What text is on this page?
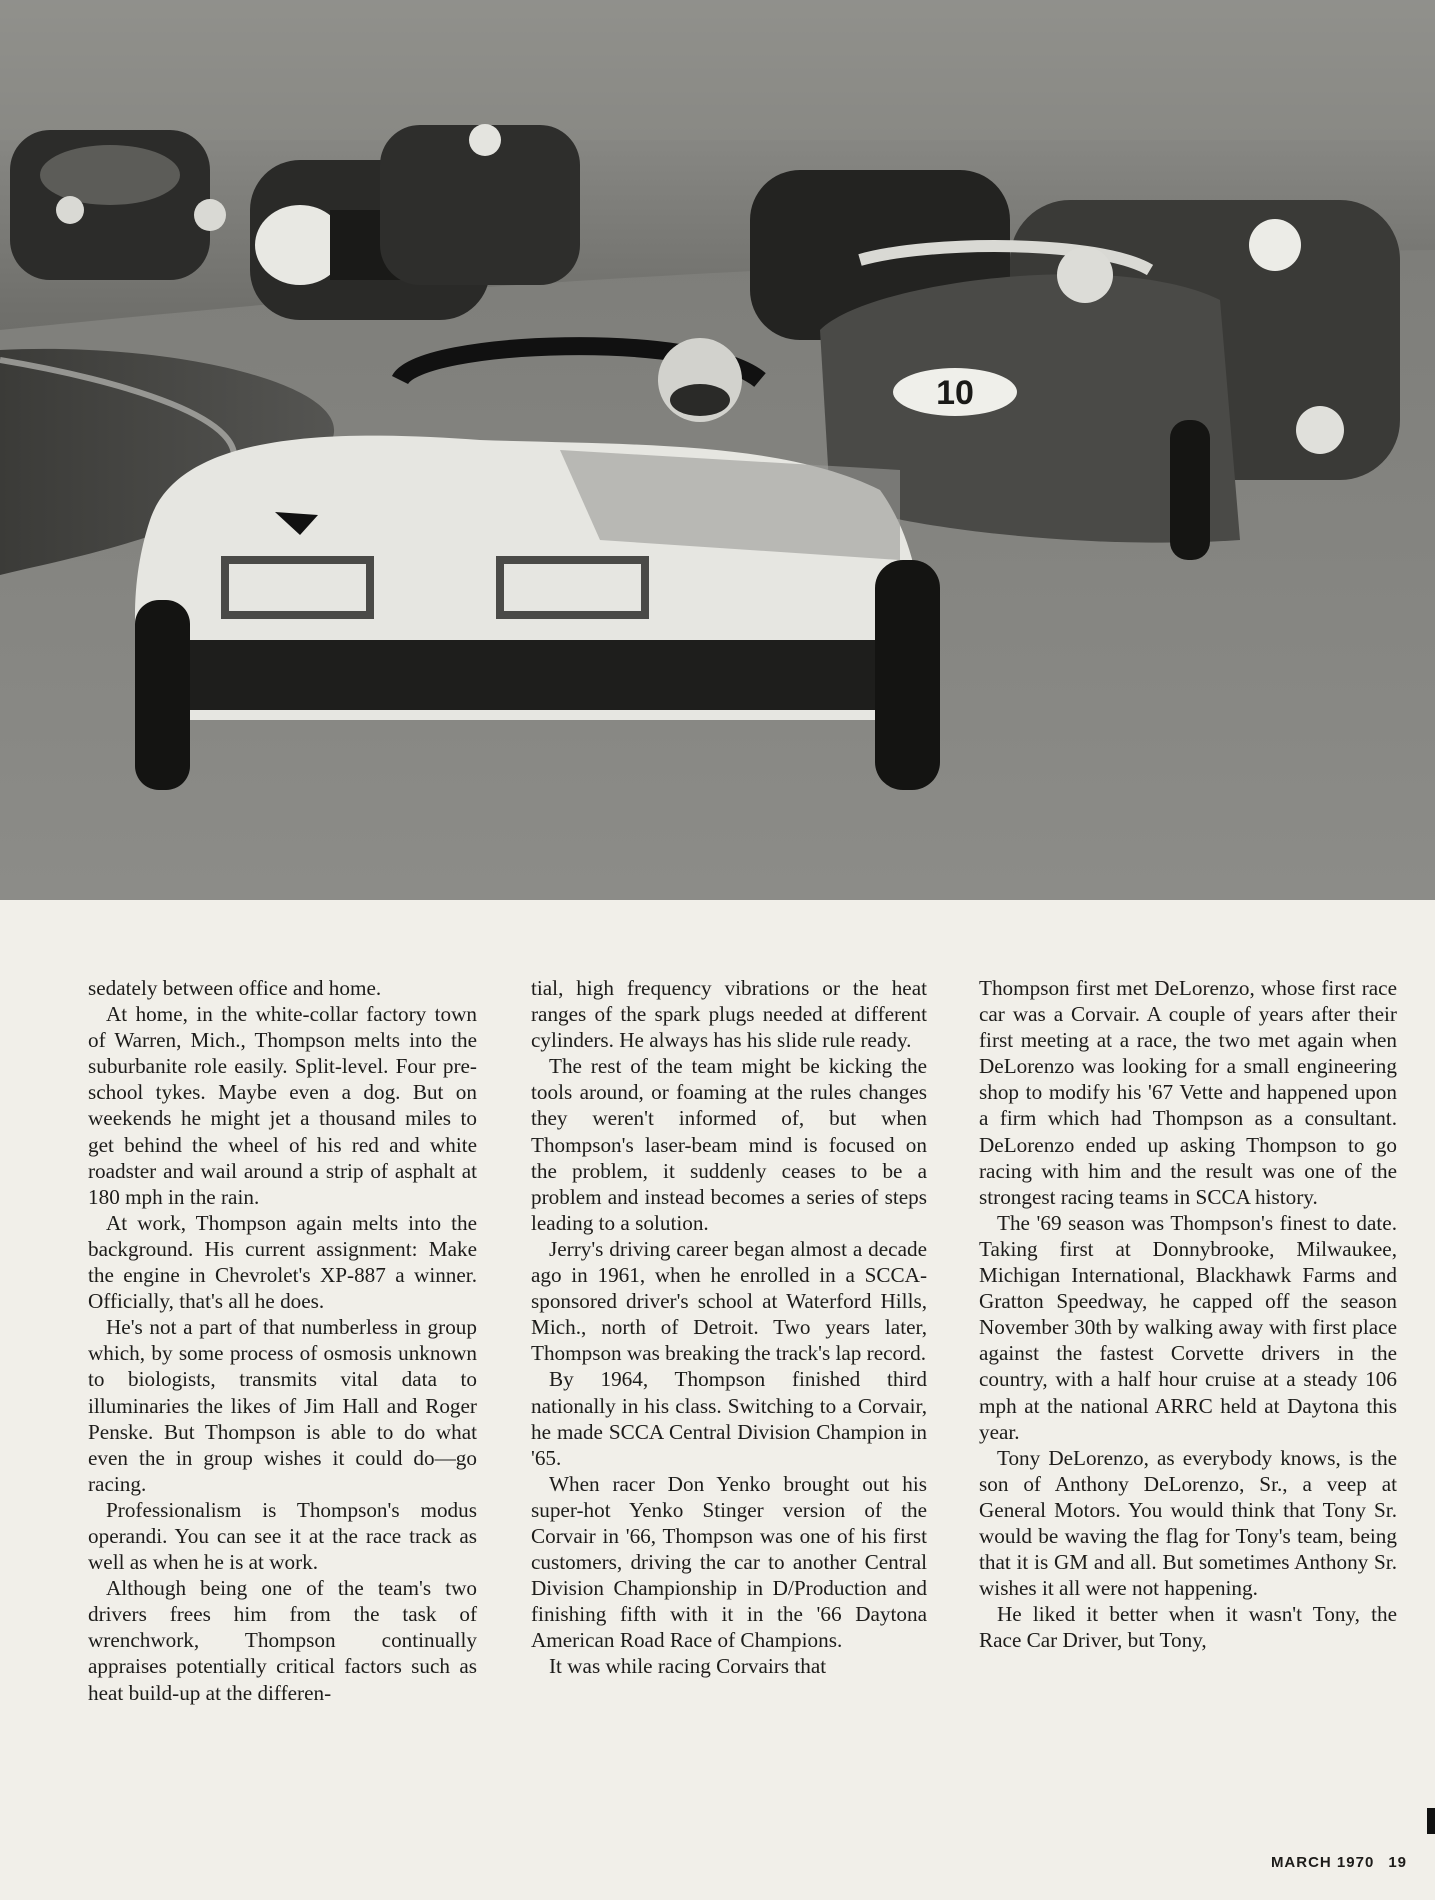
10
1

sedately between office and home.

At home, in the white-collar factory town of Warren, Mich., Thompson melts into the suburbanite role easily. Split-level. Four pre-school tykes. Maybe even a dog. But on weekends he might jet a thousand miles to get behind the wheel of his red and white roadster and wail around a strip of asphalt at 180 mph in the rain.

At work, Thompson again melts into the background. His current assignment: Make the engine in Chevrolet's XP-887 a winner. Officially, that's all he does.

He's not a part of that numberless in group which, by some process of osmosis unknown to biologists, transmits vital data to illuminaries the likes of Jim Hall and Roger Penske. But Thompson is able to do what even the in group wishes it could do—go racing.

Professionalism is Thompson's modus operandi. You can see it at the race track as well as when he is at work.

Although being one of the team's two drivers frees him from the task of wrenchwork, Thompson continually appraises potentially critical factors such as heat build-up at the differen-

tial, high frequency vibrations or the heat ranges of the spark plugs needed at different cylinders. He always has his slide rule ready.

The rest of the team might be kicking the tools around, or foaming at the rules changes they weren't informed of, but when Thompson's laser-beam mind is focused on the problem, it suddenly ceases to be a problem and instead becomes a series of steps leading to a solution.

Jerry's driving career began almost a decade ago in 1961, when he enrolled in a SCCA-sponsored driver's school at Waterford Hills, Mich., north of Detroit. Two years later, Thompson was breaking the track's lap record.

By 1964, Thompson finished third nationally in his class. Switching to a Corvair, he made SCCA Central Division Champion in '65.

When racer Don Yenko brought out his super-hot Yenko Stinger version of the Corvair in '66, Thompson was one of his first customers, driving the car to another Central Division Championship in D/Production and finishing fifth with it in the '66 Daytona American Road Race of Champions.

It was while racing Corvairs that

Thompson first met DeLorenzo, whose first race car was a Corvair. A couple of years after their first meeting at a race, the two met again when DeLorenzo was looking for a small engineering shop to modify his '67 Vette and happened upon a firm which had Thompson as a consultant. DeLorenzo ended up asking Thompson to go racing with him and the result was one of the strongest racing teams in SCCA history.

The '69 season was Thompson's finest to date. Taking first at Donnybrooke, Milwaukee, Michigan International, Blackhawk Farms and Gratton Speedway, he capped off the season November 30th by walking away with first place against the fastest Corvette drivers in the country, with a half hour cruise at a steady 106 mph at the national ARRC held at Daytona this year.

Tony DeLorenzo, as everybody knows, is the son of Anthony DeLorenzo, Sr., a veep at General Motors. You would think that Tony Sr. would be waving the flag for Tony's team, being that it is GM and all. But sometimes Anthony Sr. wishes it all were not happening.

He liked it better when it wasn't Tony, the Race Car Driver, but Tony,

MARCH 1970 19
